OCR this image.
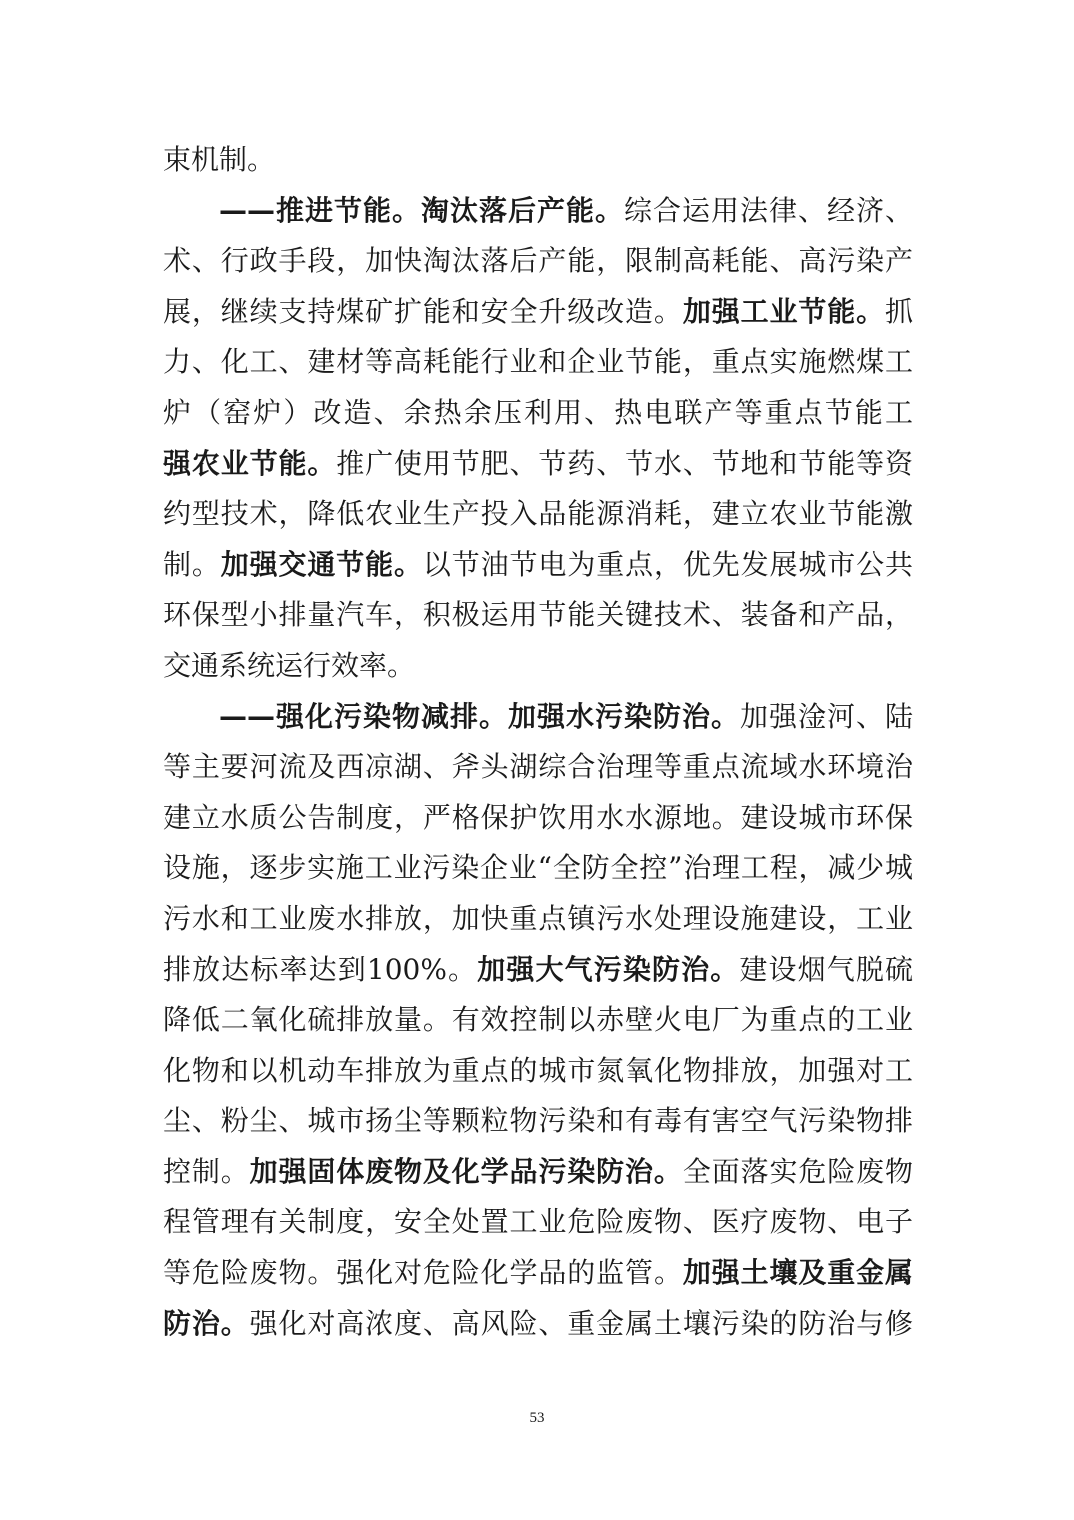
束机制。
——推进节能。淘汰落后产能。综合运用法律、经济、
术、行政手段，加快淘汰落后产能，限制高耗能、高污染产
展，继续支持煤矿扩能和安全升级改造。加强工业节能。抓
力、化工、建材等高耗能行业和企业节能，重点实施燃煤工
炉（窑炉）改造、余热余压利用、热电联产等重点节能工
强农业节能。推广使用节肥、节药、节水、节地和节能等资
约型技术，降低农业生产投入品能源消耗，建立农业节能激
制。加强交通节能。以节油节电为重点，优先发展城市公共
环保型小排量汽车，积极运用节能关键技术、装备和产品，
交通系统运行效率。
——强化污染物减排。加强水污染防治。加强淦河、陆
等主要河流及西凉湖、斧头湖综合治理等重点流域水环境治
建立水质公告制度，严格保护饮用水水源地。建设城市环保
设施，逐步实施工业污染企业“全防全控”治理工程，减少城
污水和工业废水排放，加快重点镇污水处理设施建设，工业
排放达标率达到100%。加强大气污染防治。建设烟气脱硫
降低二氧化硫排放量。有效控制以赤壁火电厂为重点的工业
化物和以机动车排放为重点的城市氮氧化物排放，加强对工
尘、粉尘、城市扬尘等颗粒物污染和有毒有害空气污染物排
控制。加强固体废物及化学品污染防治。全面落实危险废物
程管理有关制度，安全处置工业危险废物、医疗废物、电子
等危险废物。强化对危险化学品的监管。加强土壤及重金属
防治。强化对高浓度、高风险、重金属土壤污染的防治与修
53
